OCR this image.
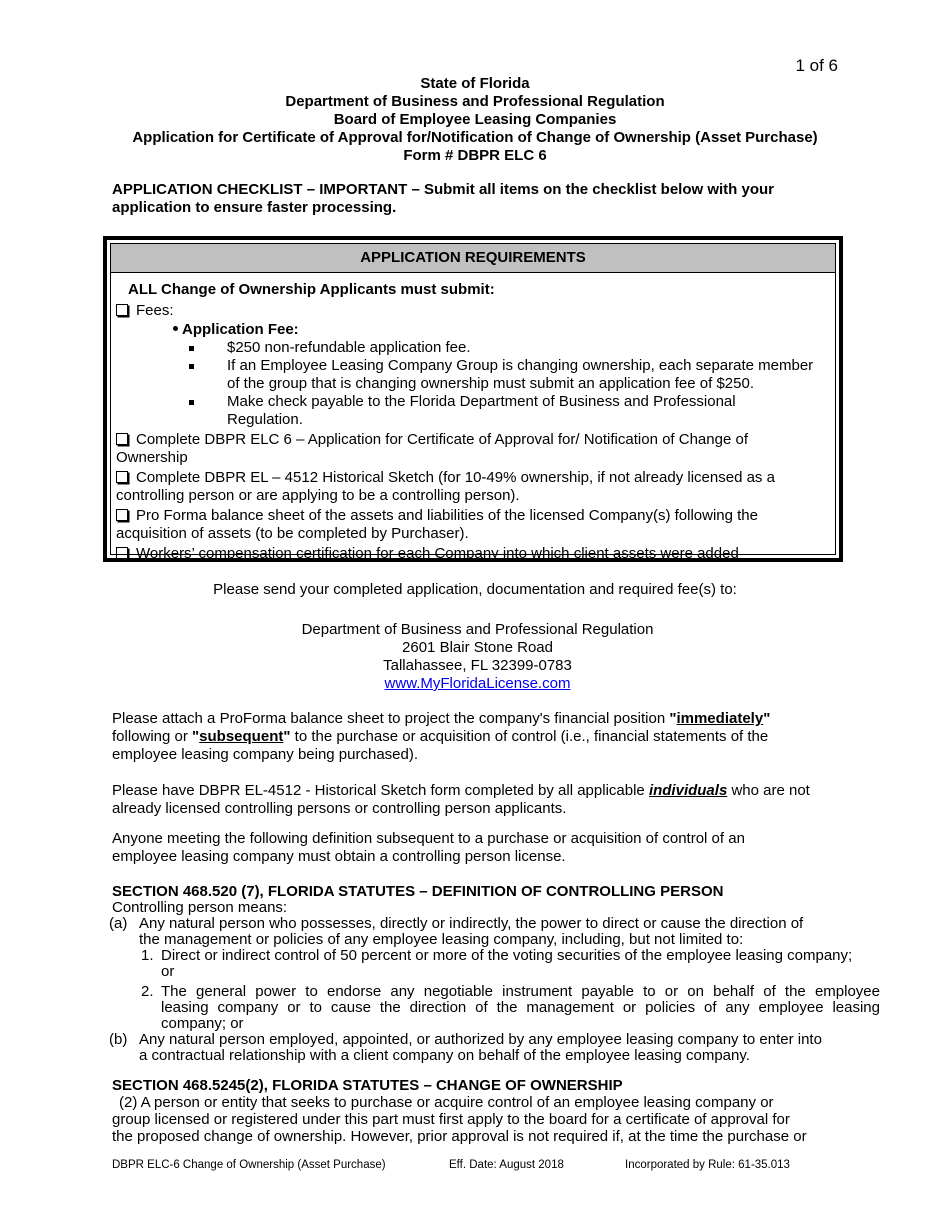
1 of 6
State of Florida
Department of Business and Professional Regulation
Board of Employee Leasing Companies
Application for Certificate of Approval for/Notification of Change of Ownership (Asset Purchase)
Form # DBPR ELC 6
APPLICATION CHECKLIST – IMPORTANT – Submit all items on the checklist below with your
application to ensure faster processing.
APPLICATION REQUIREMENTS
ALL Change of Ownership Applicants must submit:
Fees:
Application Fee:
$250 non-refundable application fee.
If an Employee Leasing Company Group is changing ownership, each separate member
of the group that is changing ownership must submit an application fee of $250.
Make check payable to the Florida Department of Business and Professional
Regulation.
Complete DBPR ELC 6 – Application for Certificate of Approval for/ Notification of Change of
Ownership
Complete DBPR EL – 4512 Historical Sketch (for 10-49% ownership, if not already licensed as a
controlling person or are applying to be a controlling person).
Pro Forma balance sheet of the assets and liabilities of the licensed Company(s) following the
acquisition of assets (to be completed by Purchaser).
Workers’ compensation certification for each Company into which client assets were added
Please send your completed application, documentation and required fee(s) to:
Department of Business and Professional Regulation
2601 Blair Stone Road
Tallahassee, FL 32399-0783
www.MyFloridaLicense.com
Please attach a ProForma balance sheet to project the company's financial position "immediately"
following or "subsequent" to the purchase or acquisition of control (i.e., financial statements of the
employee leasing company being purchased).
Please have DBPR EL-4512 - Historical Sketch form completed by all applicable individuals who are not
already licensed controlling persons or controlling person applicants.
Anyone meeting the following definition subsequent to a purchase or acquisition of control of an
employee leasing company must obtain a controlling person license.
SECTION 468.520 (7), FLORIDA STATUTES – DEFINITION OF CONTROLLING PERSON
Controlling person means:
(a) Any natural person who possesses, directly or indirectly, the power to direct or cause the direction of
the management or policies of any employee leasing company, including, but not limited to:
1. Direct or indirect control of 50 percent or more of the voting securities of the employee leasing company;
or
2. The general power to endorse any negotiable instrument payable to or on behalf of the employee
leasing company or to cause the direction of the management or policies of any employee leasing
company; or
(b) Any natural person employed, appointed, or authorized by any employee leasing company to enter into
a contractual relationship with a client company on behalf of the employee leasing company.
SECTION 468.5245(2), FLORIDA STATUTES – CHANGE OF OWNERSHIP
(2) A person or entity that seeks to purchase or acquire control of an employee leasing company or
group licensed or registered under this part must first apply to the board for a certificate of approval for
the proposed change of ownership. However, prior approval is not required if, at the time the purchase or
DBPR ELC-6 Change of Ownership (Asset Purchase)	Eff. Date: August 2018	Incorporated by Rule: 61-35.013
